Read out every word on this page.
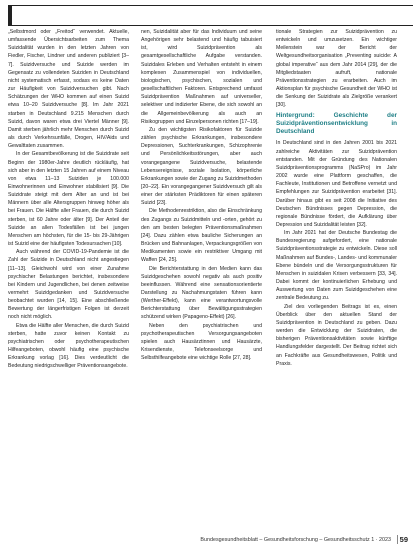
„Selbstmord oder „Freitod“ verwendet. Aktuelle, umfassende Übersichtsarbeiten zum Thema Suizidalität wurden in den letzten Jahren von Fiedler, Fischer, Lindner und anderen publiziert [3–7]. Suizidversuche und Suizide werden im Gegensatz zu vollendeten Suiziden in Deutschland nicht systematisch erfasst, sodass es keine Daten zur Häufigkeit von Suizidversuchen gibt. Nach Schätzungen der WHO kommen auf einen Suizid etwa 10–20 Suizidversuche [8]. Im Jahr 2021 starben in Deutschland 9.215 Menschen durch Suizid, davon waren etwa drei Viertel Männer [9]. Damit sterben jährlich mehr Menschen durch Suizid als durch Verkehrsunfälle, Drogen, HIV/Aids und Gewalttaten zusammen.

In der Gesamtbevölkerung ist die Suizidrate seit Beginn der 1980er-Jahre deutlich rückläufig, hat sich aber in den letzten 15 Jahren auf einem Niveau von etwa 11–13 Suiziden je 100.000 Einwohnerinnen und Einwohner stabilisiert [9]. Die Suizidrate steigt mit dem Alter an und ist bei Männern über alle Altersgruppen hinweg höher als bei Frauen. Die Hälfte aller Frauen, die durch Suizid sterben, ist 60 Jahre oder älter [9]. Der Anteil der Suizide an allen Todesfällen ist bei jungen Menschen am höchsten, für die 15- bis 29-Jährigen ist Suizid eine der häufigsten Todesursachen [10].

Auch während der COVID-19-Pandemie ist die Zahl der Suizide in Deutschland nicht angestiegen [11–13]. Gleichwohl wird von einer Zunahme psychischer Belastungen berichtet, insbesondere bei Kindern und Jugendlichen, bei denen zeitweise vermehrt Suizidgedanken und Suizidversuche beobachtet wurden [14, 15]. Eine abschließende Bewertung der längerfristigen Folgen ist derzeit noch nicht möglich.

Etwa die Hälfte aller Menschen, die durch Suizid sterben, hatte zuvor keinen Kontakt zu psychiatrischen oder psychotherapeutischen Hilfeangeboten, obwohl häufig eine psychische Erkrankung vorlag [16]. Dies verdeutlicht die Bedeutung niedrigschwelliger Präventionsangebote.

nen, Suizidalität aber für das Individuum und seine Angehörigen sehr belastend und häufig tabuisiert ist, wird Suizidprävention als gesamtgesellschaftliche Aufgabe verstanden. Suizidales Erleben und Verhalten entsteht in einem komplexen Zusammenspiel von individuellen, biologischen, psychischen, sozialen und gesellschaftlichen Faktoren. Entsprechend umfasst Suizidprävention Maßnahmen auf universeller, selektiver und indizierter Ebene, die sich sowohl an die Allgemeinbevölkerung als auch an Risikogruppen und Einzelpersonen richten [17–19].

Zu den wichtigsten Risikofaktoren für Suizide zählen psychische Erkrankungen, insbesondere Depressionen, Suchterkrankungen, Schizophrenie und Persönlichkeitsstörungen, aber auch vorangegangene Suizidversuche, belastende Lebensereignisse, soziale Isolation, körperliche Erkrankungen sowie der Zugang zu Suizidmethoden [20–22]. Ein vorangegangener Suizidversuch gilt als einer der stärksten Prädiktoren für einen späteren Suizid [23].

Die Methodenrestriktion, also die Einschränkung des Zugangs zu Suizidmitteln und -orten, gehört zu den am besten belegten Präventionsmaßnahmen [24]. Dazu zählen etwa bauliche Sicherungen an Brücken und Bahnanlagen, Verpackungsgrößen von Medikamenten sowie ein restriktiver Umgang mit Waffen [24, 25].

Die Berichterstattung in den Medien kann das Suizidgeschehen sowohl negativ als auch positiv beeinflussen. Während eine sensationsorientierte Darstellung zu Nachahmungstaten führen kann (Werther-Effekt), kann eine verantwortungsvolle Berichterstattung über Bewältigungsstrategien schützend wirken (Papageno-Effekt) [26].

Neben den psychiatrischen und psychotherapeutischen Versorgungsangeboten spielen auch Hausärztinnen und Hausärzte, Krisendienste, Telefonseelsorge und Selbsthilfeangebote eine wichtige Rolle [27, 28].

tionale Strategien zur Suizidprävention zu entwickeln und umzusetzen. Ein wichtiger Meilenstein war der Bericht der Weltgesundheitsorganisation „Preventing suicide: A global imperative“ aus dem Jahr 2014 [29], der die Mitgliedstaaten aufruft, nationale Präventionsstrategien zu erarbeiten. Auch im Aktionsplan für psychische Gesundheit der WHO ist die Senkung der Suizidrate als Zielgröße verankert [30].

Hintergrund: Geschichte der Suizidpräventionsentwicklung in Deutschland

In Deutschland sind in den Jahren 2001 bis 2021 zahlreiche Aktivitäten zur Suizidprävention entstanden. Mit der Gründung des Nationalen Suizidpräventionsprogramms (NaSPro) im Jahr 2002 wurde eine Plattform geschaffen, die Fachleute, Institutionen und Betroffene vernetzt und Empfehlungen zur Suizidprävention erarbeitet [31]. Darüber hinaus gibt es seit 2008 die Initiative des Deutschen Bündnisses gegen Depression, die regionale Bündnisse fördert, die Aufklärung über Depression und Suizidalität leisten [32].

Im Jahr 2021 hat der Deutsche Bundestag die Bundesregierung aufgefordert, eine nationale Suizidpräventionsstrategie zu entwickeln. Diese soll Maßnahmen auf Bundes-, Landes- und kommunaler Ebene bündeln und die Versorgungsstrukturen für Menschen in suizidalen Krisen verbessern [33, 34]. Dabei kommt der kontinuierlichen Erhebung und Auswertung von Daten zum Suizidgeschehen eine zentrale Bedeutung zu.

Ziel des vorliegenden Beitrags ist es, einen Überblick über den aktuellen Stand der Suizidprävention in Deutschland zu geben. Dazu werden die Entwicklung der Suizidraten, die bisherigen Präventionsaktivitäten sowie künftige Handlungsfelder dargestellt. Der Beitrag richtet sich an Fachkräfte aus Gesundheitswesen, Politik und Praxis.

Bundesgesundheitsblatt – Gesundheitsforschung – Gesundheitsschutz 1 · 2023 59
